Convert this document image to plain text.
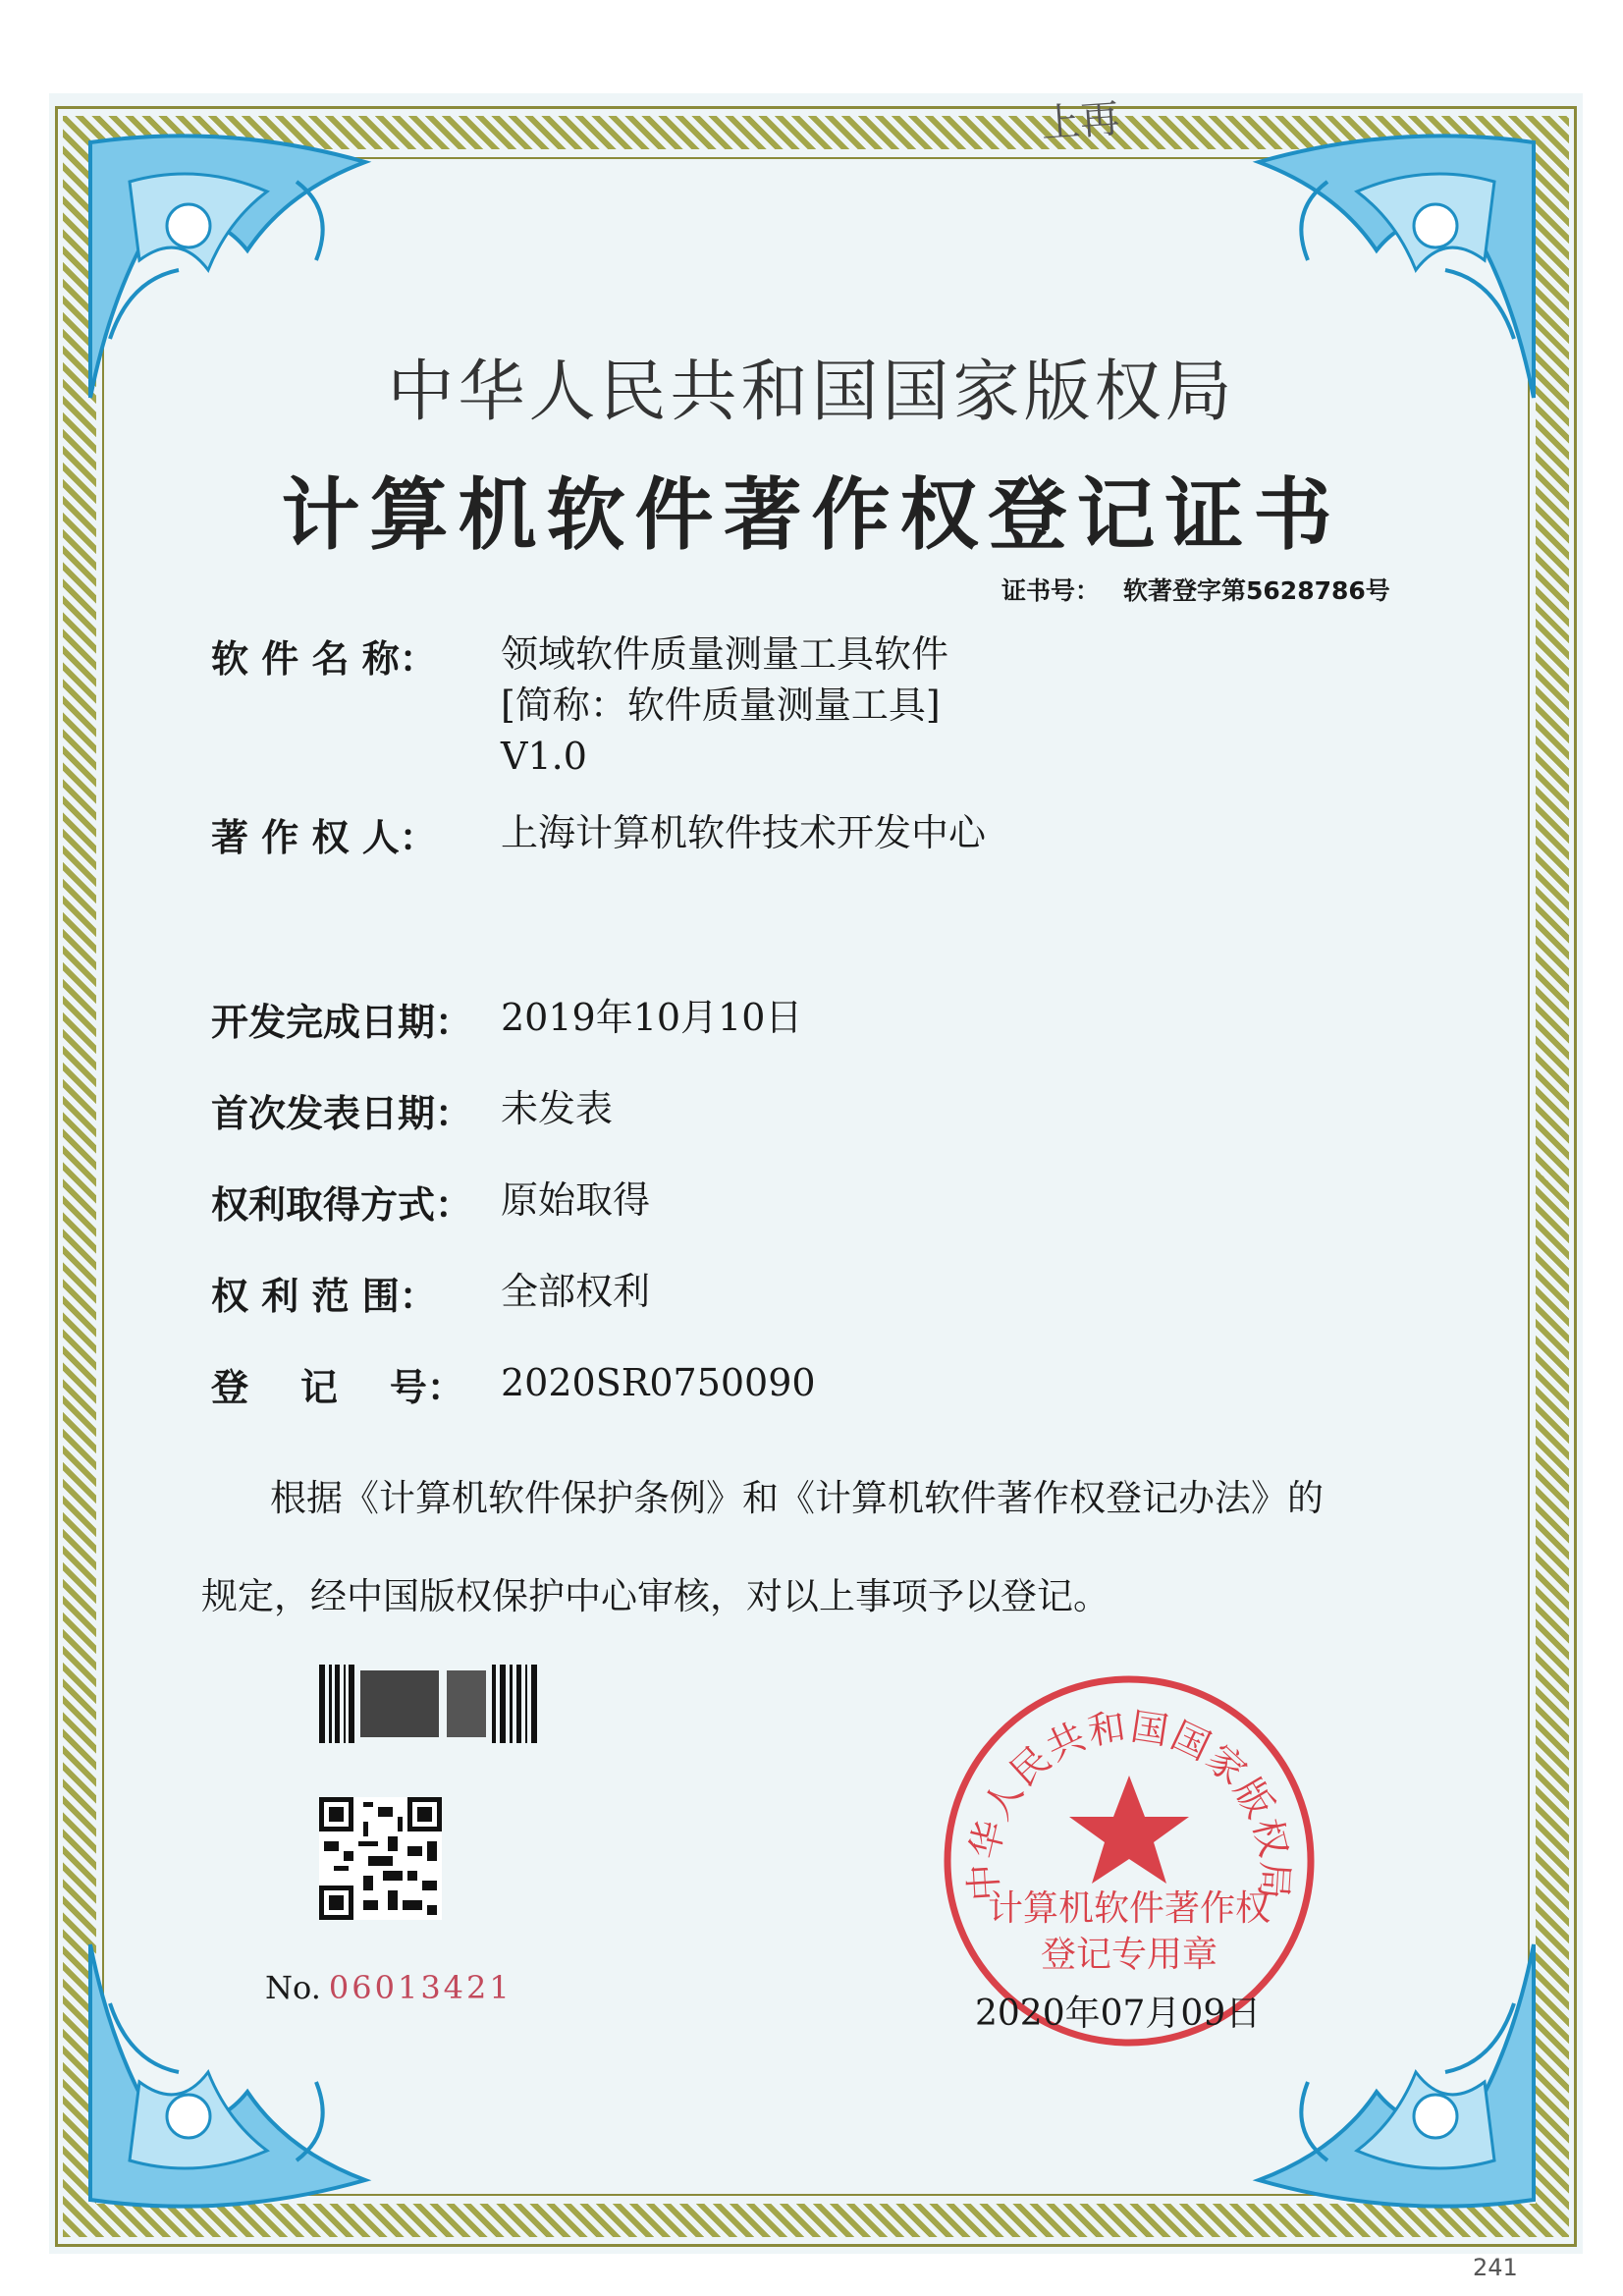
上再
241
中华人民共和国国家版权局
计算机软件著作权登记证书
证书号： 软著登字第5628786号
软 件 名 称：	领域软件质量测量工具软件
[简称：软件质量测量工具]
V1.0
著 作 权 人：	上海计算机软件技术开发中心
开发完成日期： 2019年10月10日
首次发表日期： 未发表
权利取得方式： 原始取得
权 利 范 围：	全部权利
登    记    号： 2020SR0750090
根据《计算机软件保护条例》和《计算机软件著作权登记办法》的
规定，经中国版权保护中心审核，对以上事项予以登记。
No. 06013421
中华人民共和国国家版权局
计算机软件著作权
登记专用章
2020年07月09日
